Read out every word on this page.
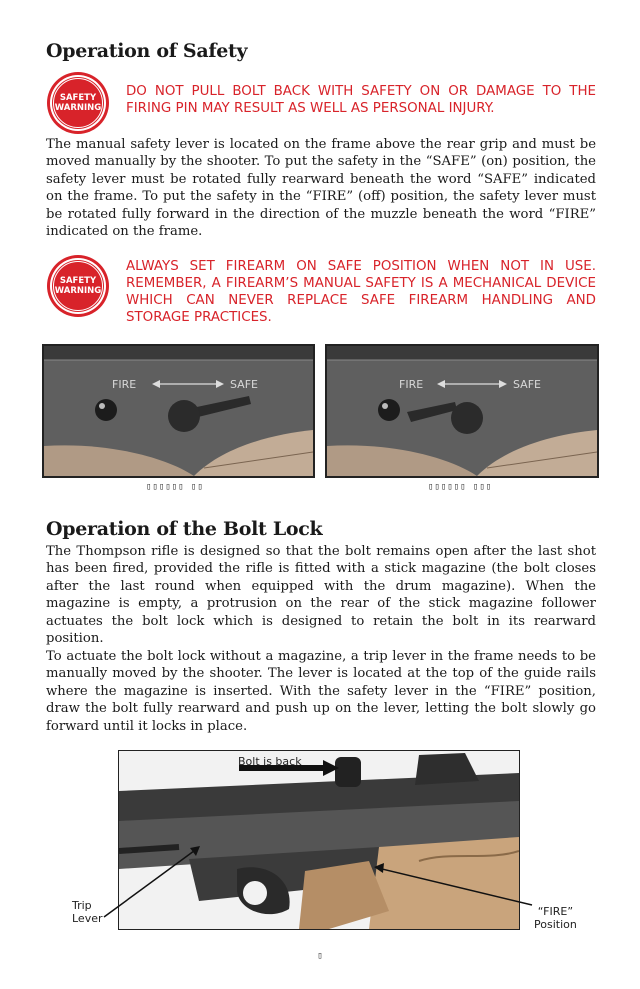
Operation of Safety
SAFETY
WARNING
DO NOT PULL BOLT BACK WITH SAFETY ON OR DAMAGE TO THE FIRING PIN MAY RESULT AS WELL AS PERSONAL INJURY.

The manual safety lever is located on the frame above the rear grip and must be moved manually by the shooter. To put the safety in the “SAFE” (on) position, the safety lever must be rotated fully rearward beneath the word “SAFE” indicated on the frame. To put the safety in the “FIRE” (off) position, the safety lever must be rotated fully forward in the direction of the muzzle beneath the word “FIRE” indicated on the frame.

SAFETY
WARNING
ALWAYS SET FIREARM ON SAFE POSITION WHEN NOT IN USE. REMEMBER, A FIREARM’S MANUAL SAFETY IS A MECHANICAL DEVICE WHICH CAN NEVER REPLACE SAFE FIREARM HANDLING AND STORAGE PRACTICES.
FIRE	SAFE
▯▯▯▯▯▯ ▯▯
FIRE	SAFE
▯▯▯▯▯▯ ▯▯▯
Operation of the Bolt Lock

The Thompson rifle is designed so that the bolt remains open after the last shot has been fired, provided the rifle is fitted with a stick magazine (the bolt closes after the last round when equipped with the drum magazine). When the magazine is empty, a protrusion on the rear of the stick magazine follower actuates the bolt lock which is designed to retain the bolt in its rearward position.

To actuate the bolt lock without a magazine, a trip lever in the frame needs to be manually moved by the shooter. The lever is located at the top of the guide rails where the magazine is inserted. With the safety lever in the “FIRE” position, draw the bolt fully rearward and push up on the lever, letting the bolt slowly go forward until it locks in place.

Bolt is back
Trip
Lever
“FIRE”
Position
▯
